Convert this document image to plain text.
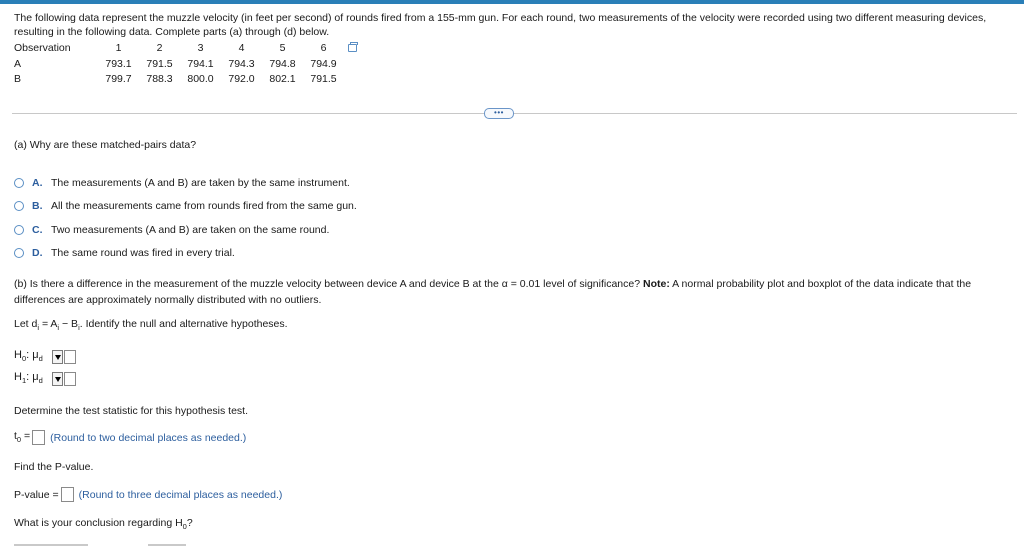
The following data represent the muzzle velocity (in feet per second) of rounds fired from a 155-mm gun. For each round, two measurements of the velocity were recorded using two different measuring devices, resulting in the following data. Complete parts (a) through (d) below.
Observation	1	2	3	4	5	6	
A	793.1	791.5	794.1	794.3	794.8	794.9	
B	799.7	788.3	800.0	792.0	802.1	791.5	
•••
(a) Why are these matched-pairs data?
A. The measurements (A and B) are taken by the same instrument.
B. All the measurements came from rounds fired from the same gun.
C. Two measurements (A and B) are taken on the same round.
D. The same round was fired in every trial.
(b) Is there a difference in the measurement of the muzzle velocity between device A and device B at the α = 0.01 level of significance? Note: A normal probability plot and boxplot of the data indicate that the differences are approximately normally distributed with no outliers.
Let $d_i = A_i - B_i$. Identify the null and alternative hypotheses.
$H_0$: $\mu_d$
$H_1$: $\mu_d$
Determine the test statistic for this hypothesis test.
$t_0$ = (Round to two decimal places as needed.)
Find the P-value.
P-value = (Round to three decimal places as needed.)
What is your conclusion regarding $H_0$?
